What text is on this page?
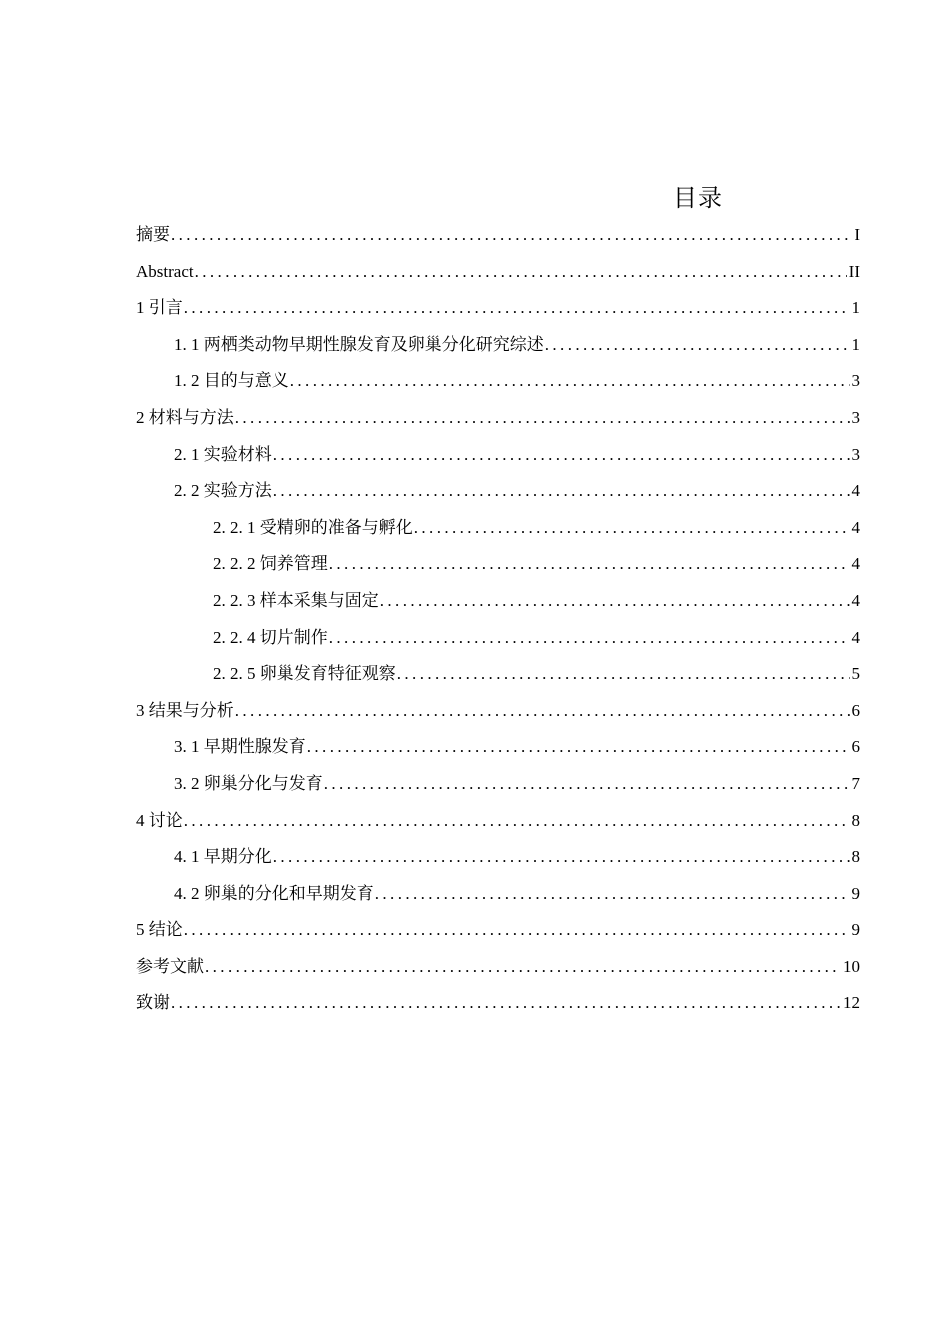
目录
摘要 .....	I
Abstract .....	II
1 引言 .....	1
1. 1 两栖类动物早期性腺发育及卵巢分化研究综述 .....	1
1. 2 目的与意义 .....	3
2 材料与方法 .....	3
2. 1 实验材料 .....	3
2. 2 实验方法 .....	4
2. 2. 1 受精卵的准备与孵化 .....	4
2. 2. 2 饲养管理 .....	4
2. 2. 3 样本采集与固定 .....	4
2. 2. 4 切片制作 .....	4
2. 2. 5 卵巢发育特征观察 .....	5
3 结果与分析 .....	6
3. 1 早期性腺发育 .....	6
3. 2 卵巢分化与发育 .....	7
4 讨论 .....	8
4. 1 早期分化 .....	8
4. 2 卵巢的分化和早期发育 .....	9
5 结论 .....	9
参考文献 .....	10
致谢 .....	12
